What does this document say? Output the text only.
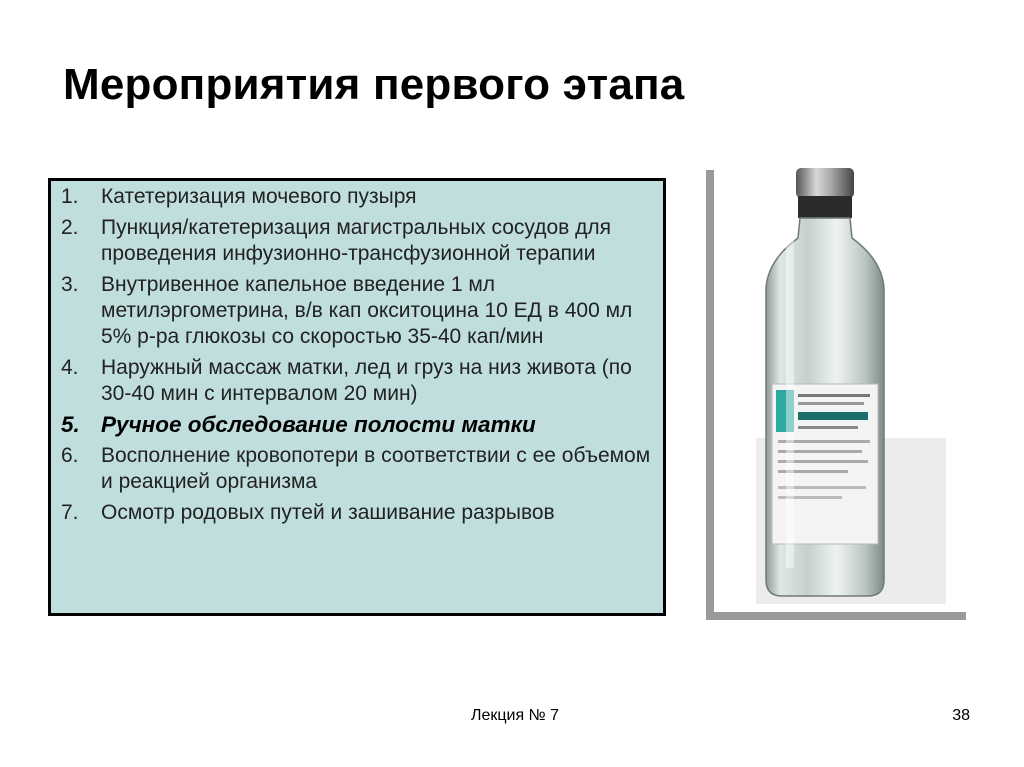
Мероприятия первого этапа
1.	Катетеризация мочевого пузыря
2.	Пункция/катетеризация магистральных сосудов для проведения инфузионно-трансфузионной терапии
3.	Внутривенное капельное введение 1 мл метилэргометрина, в/в кап окситоцина 10 ЕД в 400 мл 5% р-ра глюкозы со скоростью 35-40 кап/мин
4.	Наружный массаж матки, лед и груз на низ живота (по 30-40 мин с интервалом 20 мин)
5. Ручное обследование полости матки
6.	Восполнение кровопотери в соответствии с ее объемом и реакцией организма
7.	Осмотр родовых путей и зашивание разрывов
Лекция № 7	38
